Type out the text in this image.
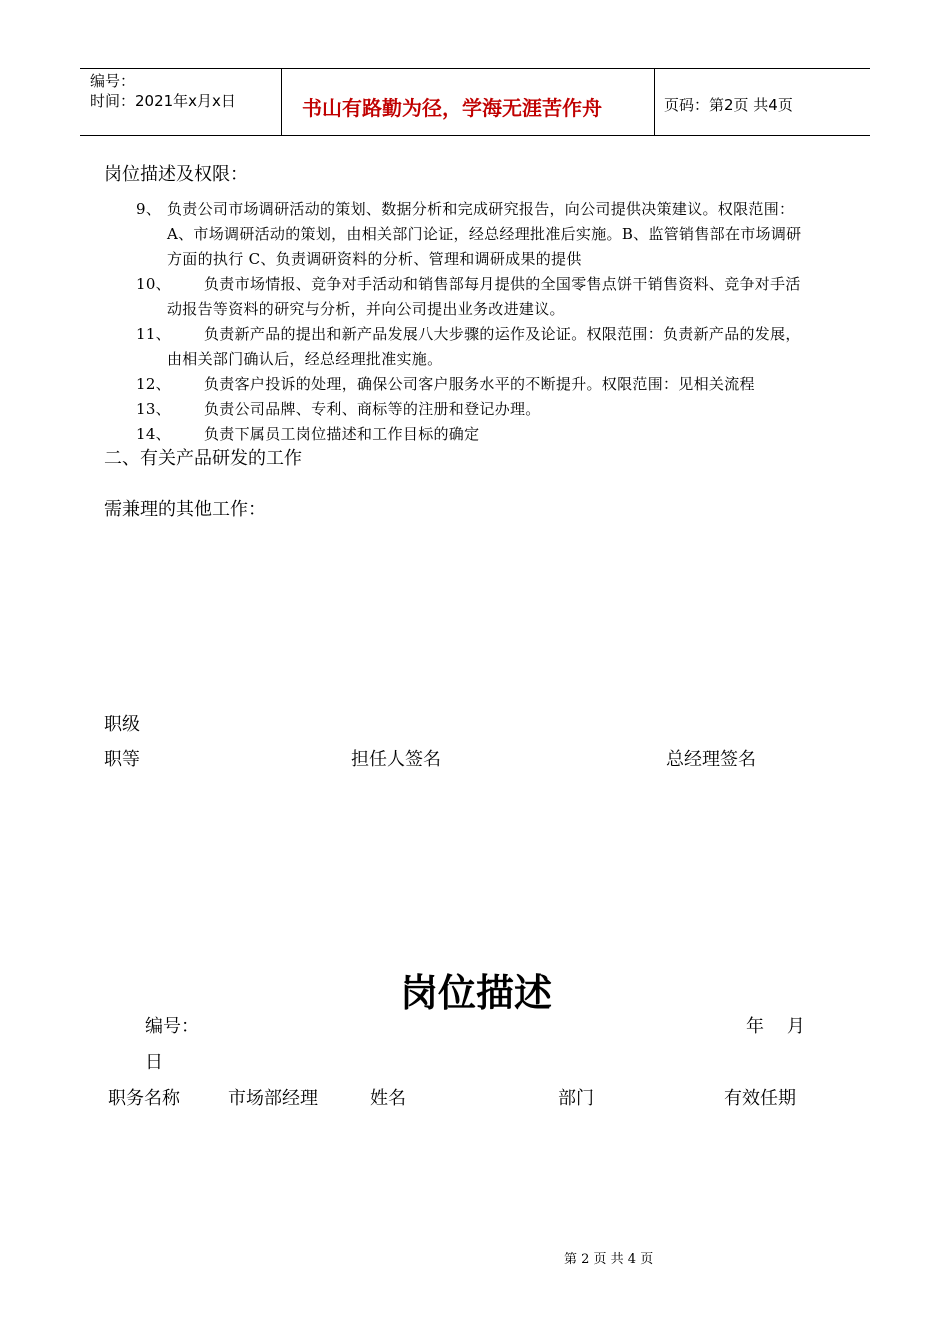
编号：
时间：2021年x月x日	书山有路勤为径，学海无涯苦作舟	页码：第2页 共4页
岗位描述及权限：
9、 负责公司市场调研活动的策划、数据分析和完成研究报告，向公司提供决策建议。权限范围：
A、市场调研活动的策划，由相关部门论证，经总经理批准后实施。B、监管销售部在市场调研
方面的执行 C、负责调研资料的分析、管理和调研成果的提供
10、 负责市场情报、竞争对手活动和销售部每月提供的全国零售点饼干销售资料、竞争对手活
动报告等资料的研究与分析，并向公司提出业务改进建议。
11、 负责新产品的提出和新产品发展八大步骤的运作及论证。权限范围：负责新产品的发展，
由相关部门确认后，经总经理批准实施。
12、 负责客户投诉的处理，确保公司客户服务水平的不断提升。权限范围：见相关流程
13、 负责公司品牌、专利、商标等的注册和登记办理。
14、 负责下属员工岗位描述和工作目标的确定
二、有关产品研发的工作
需兼理的其他工作：
职级
职等	担任人签名	总经理签名
岗位描述
编号：	年    月
日
职务名称	市场部经理	姓名	部门	有效任期
第 2 页 共 4 页
